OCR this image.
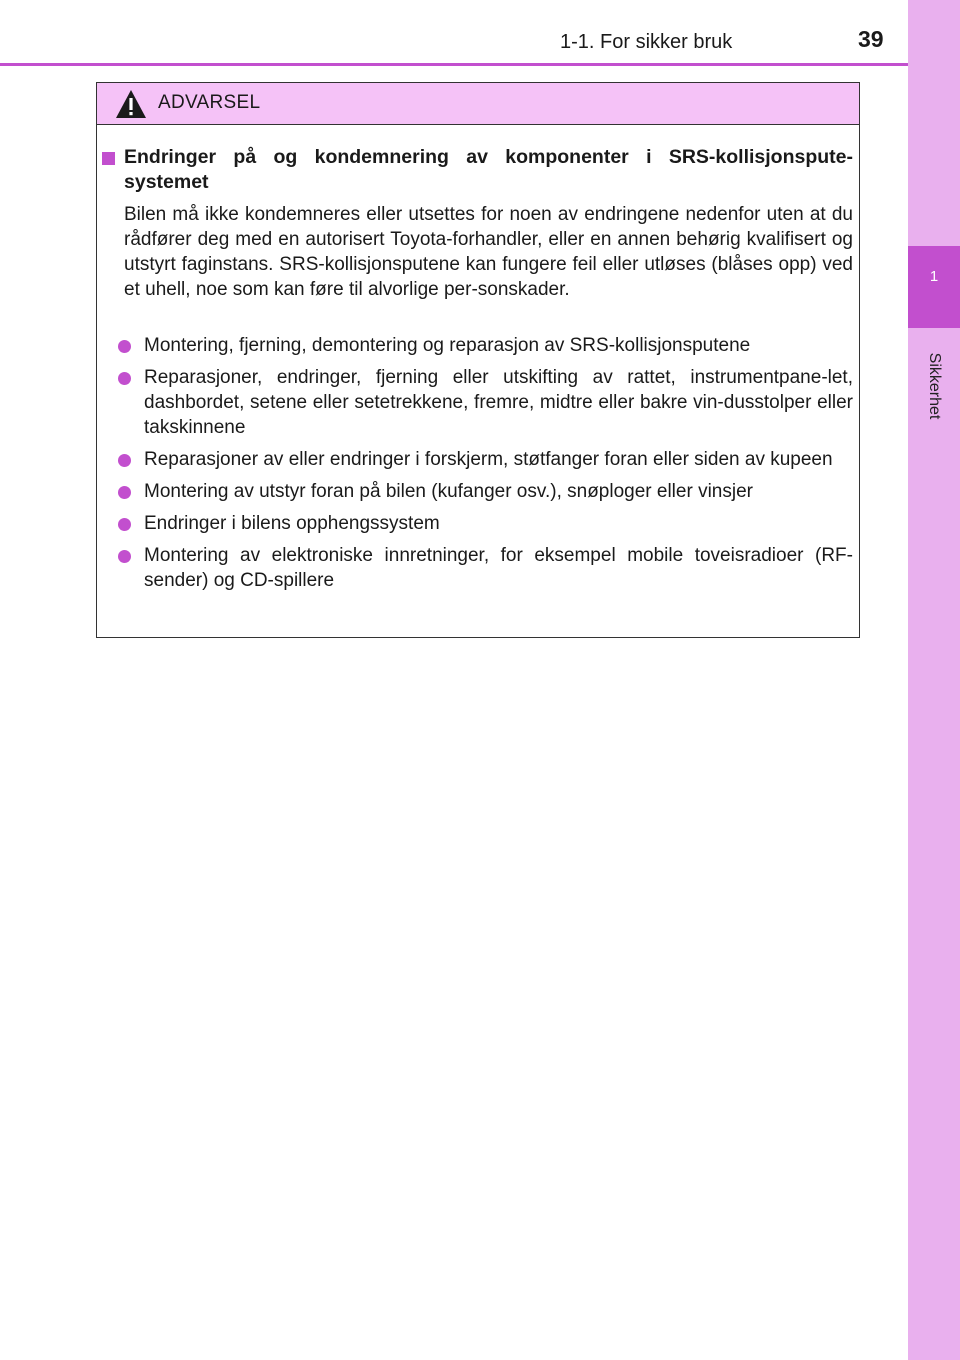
1
Sikkerhet
1-1. For sikker bruk	39
ADVARSEL
Endringer på og kondemnering av komponenter i SRS-kollisjonspute-systemet
Bilen må ikke kondemneres eller utsettes for noen av endringene nedenfor uten at du rådfører deg med en autorisert Toyota-forhandler, eller en annen behørig kvalifisert og utstyrt faginstans. SRS-kollisjonsputene kan fungere feil eller utløses (blåses opp) ved et uhell, noe som kan føre til alvorlige per-sonskader.
Montering, fjerning, demontering og reparasjon av SRS-kollisjonsputene
Reparasjoner, endringer, fjerning eller utskifting av rattet, instrumentpane-let, dashbordet, setene eller setetrekkene, fremre, midtre eller bakre vin-dusstolper eller takskinnene
Reparasjoner av eller endringer i forskjerm, støtfanger foran eller siden av kupeen
Montering av utstyr foran på bilen (kufanger osv.), snøploger eller vinsjer
Endringer i bilens opphengssystem
Montering av elektroniske innretninger, for eksempel mobile toveisradioer (RF-sender) og CD-spillere
